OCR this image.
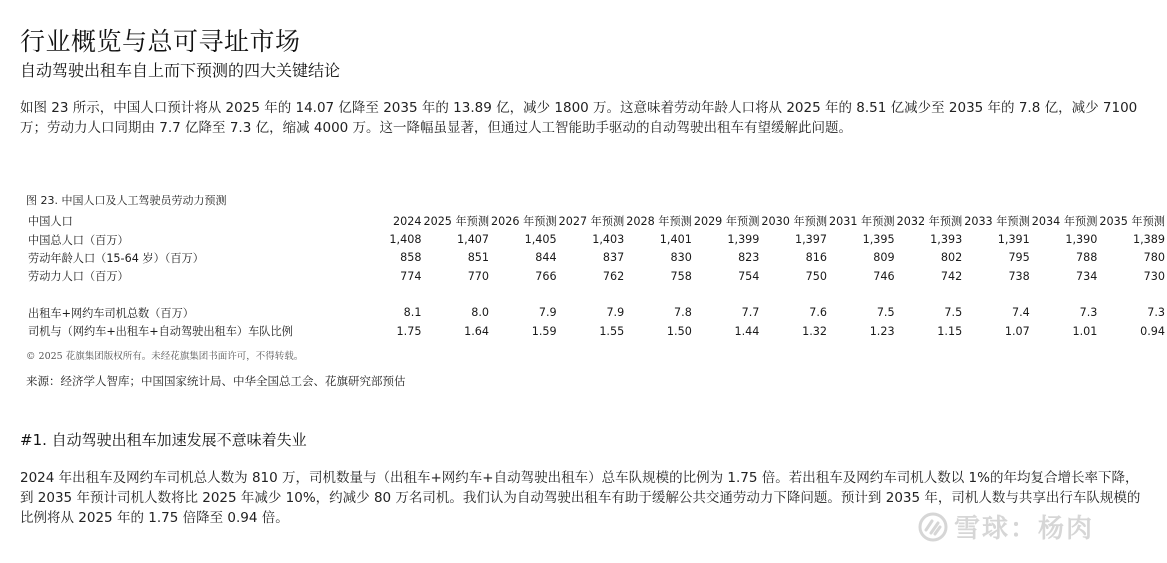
行业概览与总可寻址市场
自动驾驶出租车自上而下预测的四大关键结论
如图 23 所示，中国人口预计将从 2025 年的 14.07 亿降至 2035 年的 13.89 亿，减少 1800 万。这意味着劳动年龄人口将从 2025 年的 8.51 亿减少至 2035 年的 7.8 亿，减少 7100 万；劳动力人口同期由 7.7 亿降至 7.3 亿，缩减 4000 万。这一降幅虽显著，但通过人工智能助手驱动的自动驾驶出租车有望缓解此问题。
图 23. 中国人口及人工驾驶员劳动力预测
中国人口	2024	2025 年预测	2026 年预测	2027 年预测	2028 年预测	2029 年预测	2030 年预测	2031 年预测	2032 年预测	2033 年预测	2034 年预测	2035 年预测
中国总人口（百万）	1,408	1,407	1,405	1,403	1,401	1,399	1,397	1,395	1,393	1,391	1,390	1,389
劳动年龄人口（15-64 岁）（百万）	858	851	844	837	830	823	816	809	802	795	788	780
劳动力人口（百万）	774	770	766	762	758	754	750	746	742	738	734	730

出租车+网约车司机总数（百万）	8.1	8.0	7.9	7.9	7.8	7.7	7.6	7.5	7.5	7.4	7.3	7.3
司机与（网约车+出租车+自动驾驶出租车）车队比例	1.75	1.64	1.59	1.55	1.50	1.44	1.32	1.23	1.15	1.07	1.01	0.94
© 2025 花旗集团版权所有。未经花旗集团书面许可，不得转载。
来源：经济学人智库；中国国家统计局、中华全国总工会、花旗研究部预估
#1. 自动驾驶出租车加速发展不意味着失业
2024 年出租车及网约车司机总人数为 810 万，司机数量与（出租车+网约车+自动驾驶出租车）总车队规模的比例为 1.75 倍。若出租车及网约车司机人数以 1%的年均复合增长率下降，到 2035 年预计司机人数将比 2025 年减少 10%，约减少 80 万名司机。我们认为自动驾驶出租车有助于缓解公共交通劳动力下降问题。预计到 2035 年，司机人数与共享出行车队规模的比例将从 2025 年的 1.75 倍降至 0.94 倍。	雪球：杨肉
